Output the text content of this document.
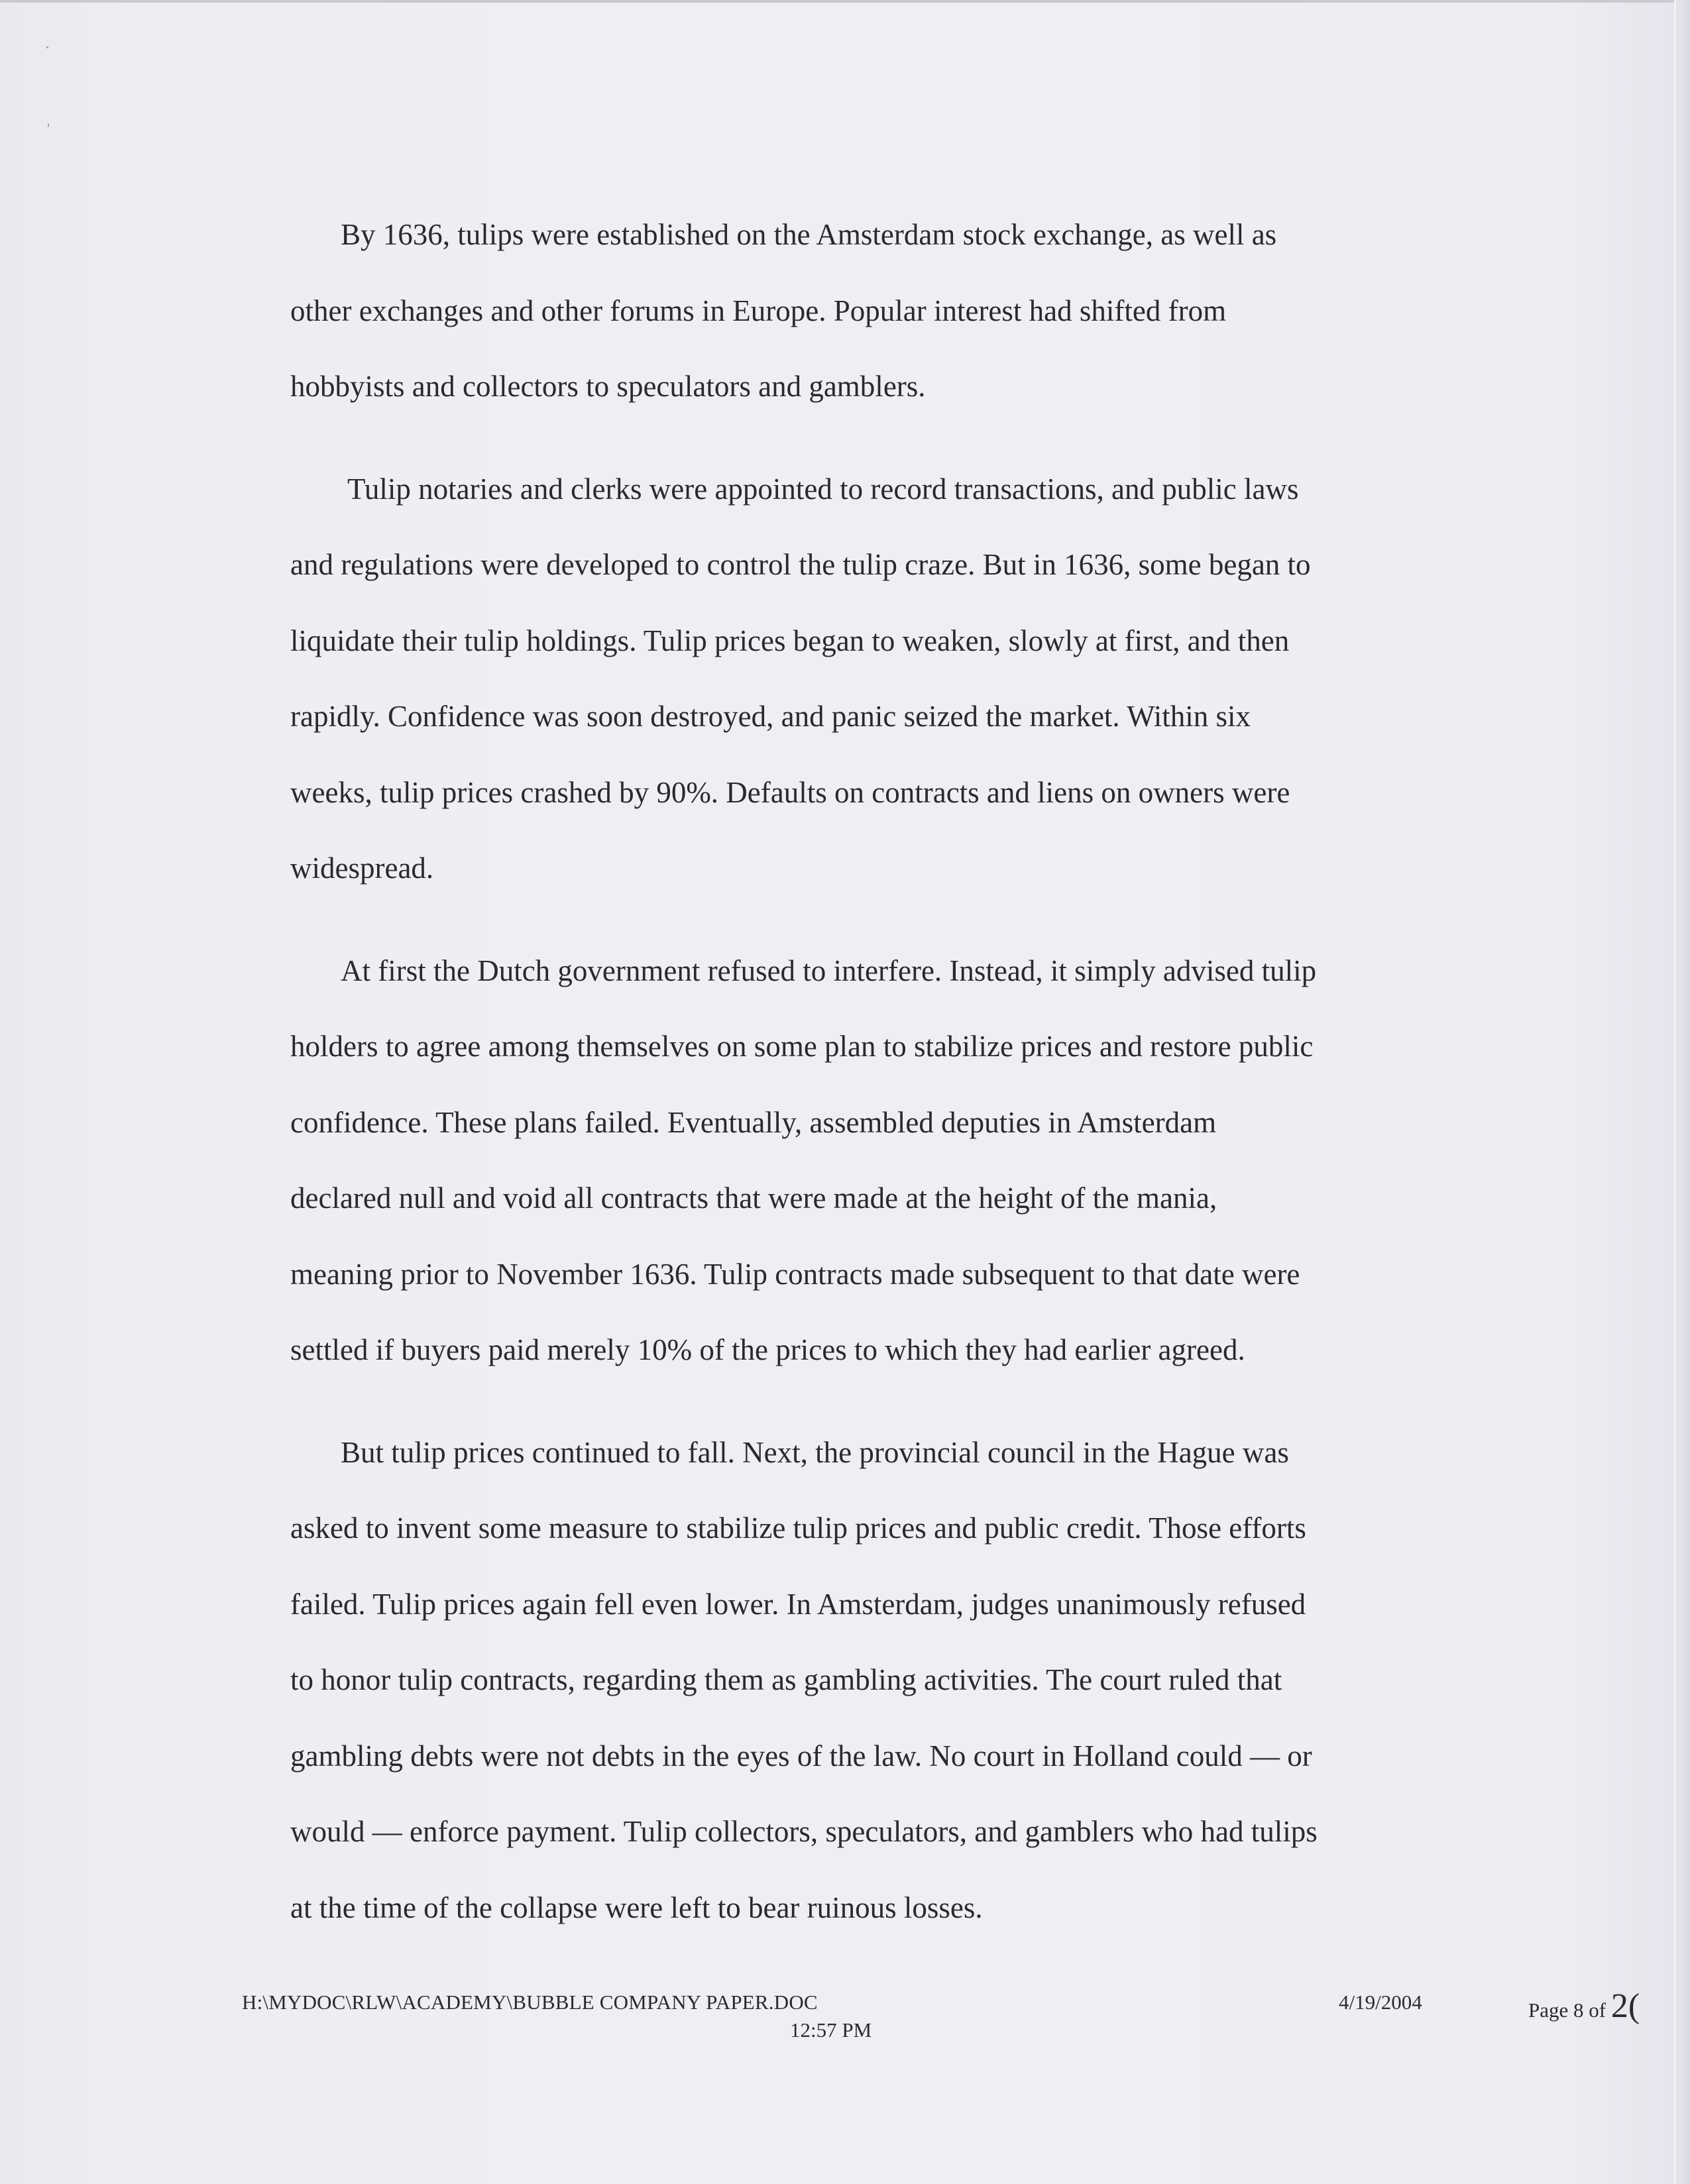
By 1636, tulips were established on the Amsterdam stock exchange, as well as
other exchanges and other forums in Europe. Popular interest had shifted from
hobbyists and collectors to speculators and gamblers.
Tulip notaries and clerks were appointed to record transactions, and public laws
and regulations were developed to control the tulip craze. But in 1636, some began to
liquidate their tulip holdings. Tulip prices began to weaken, slowly at first, and then
rapidly. Confidence was soon destroyed, and panic seized the market. Within six
weeks, tulip prices crashed by 90%. Defaults on contracts and liens on owners were
widespread.
At first the Dutch government refused to interfere. Instead, it simply advised tulip
holders to agree among themselves on some plan to stabilize prices and restore public
confidence. These plans failed. Eventually, assembled deputies in Amsterdam
declared null and void all contracts that were made at the height of the mania,
meaning prior to November 1636. Tulip contracts made subsequent to that date were
settled if buyers paid merely 10% of the prices to which they had earlier agreed.
But tulip prices continued to fall. Next, the provincial council in the Hague was
asked to invent some measure to stabilize tulip prices and public credit. Those efforts
failed. Tulip prices again fell even lower. In Amsterdam, judges unanimously refused
to honor tulip contracts, regarding them as gambling activities. The court ruled that
gambling debts were not debts in the eyes of the law. No court in Holland could — or
would — enforce payment. Tulip collectors, speculators, and gamblers who had tulips
at the time of the collapse were left to bear ruinous losses.
H:\MYDOC\RLW\ACADEMY\BUBBLE COMPANY PAPER.DOC
12:57 PM
4/19/2004	Page 8 of 2(
